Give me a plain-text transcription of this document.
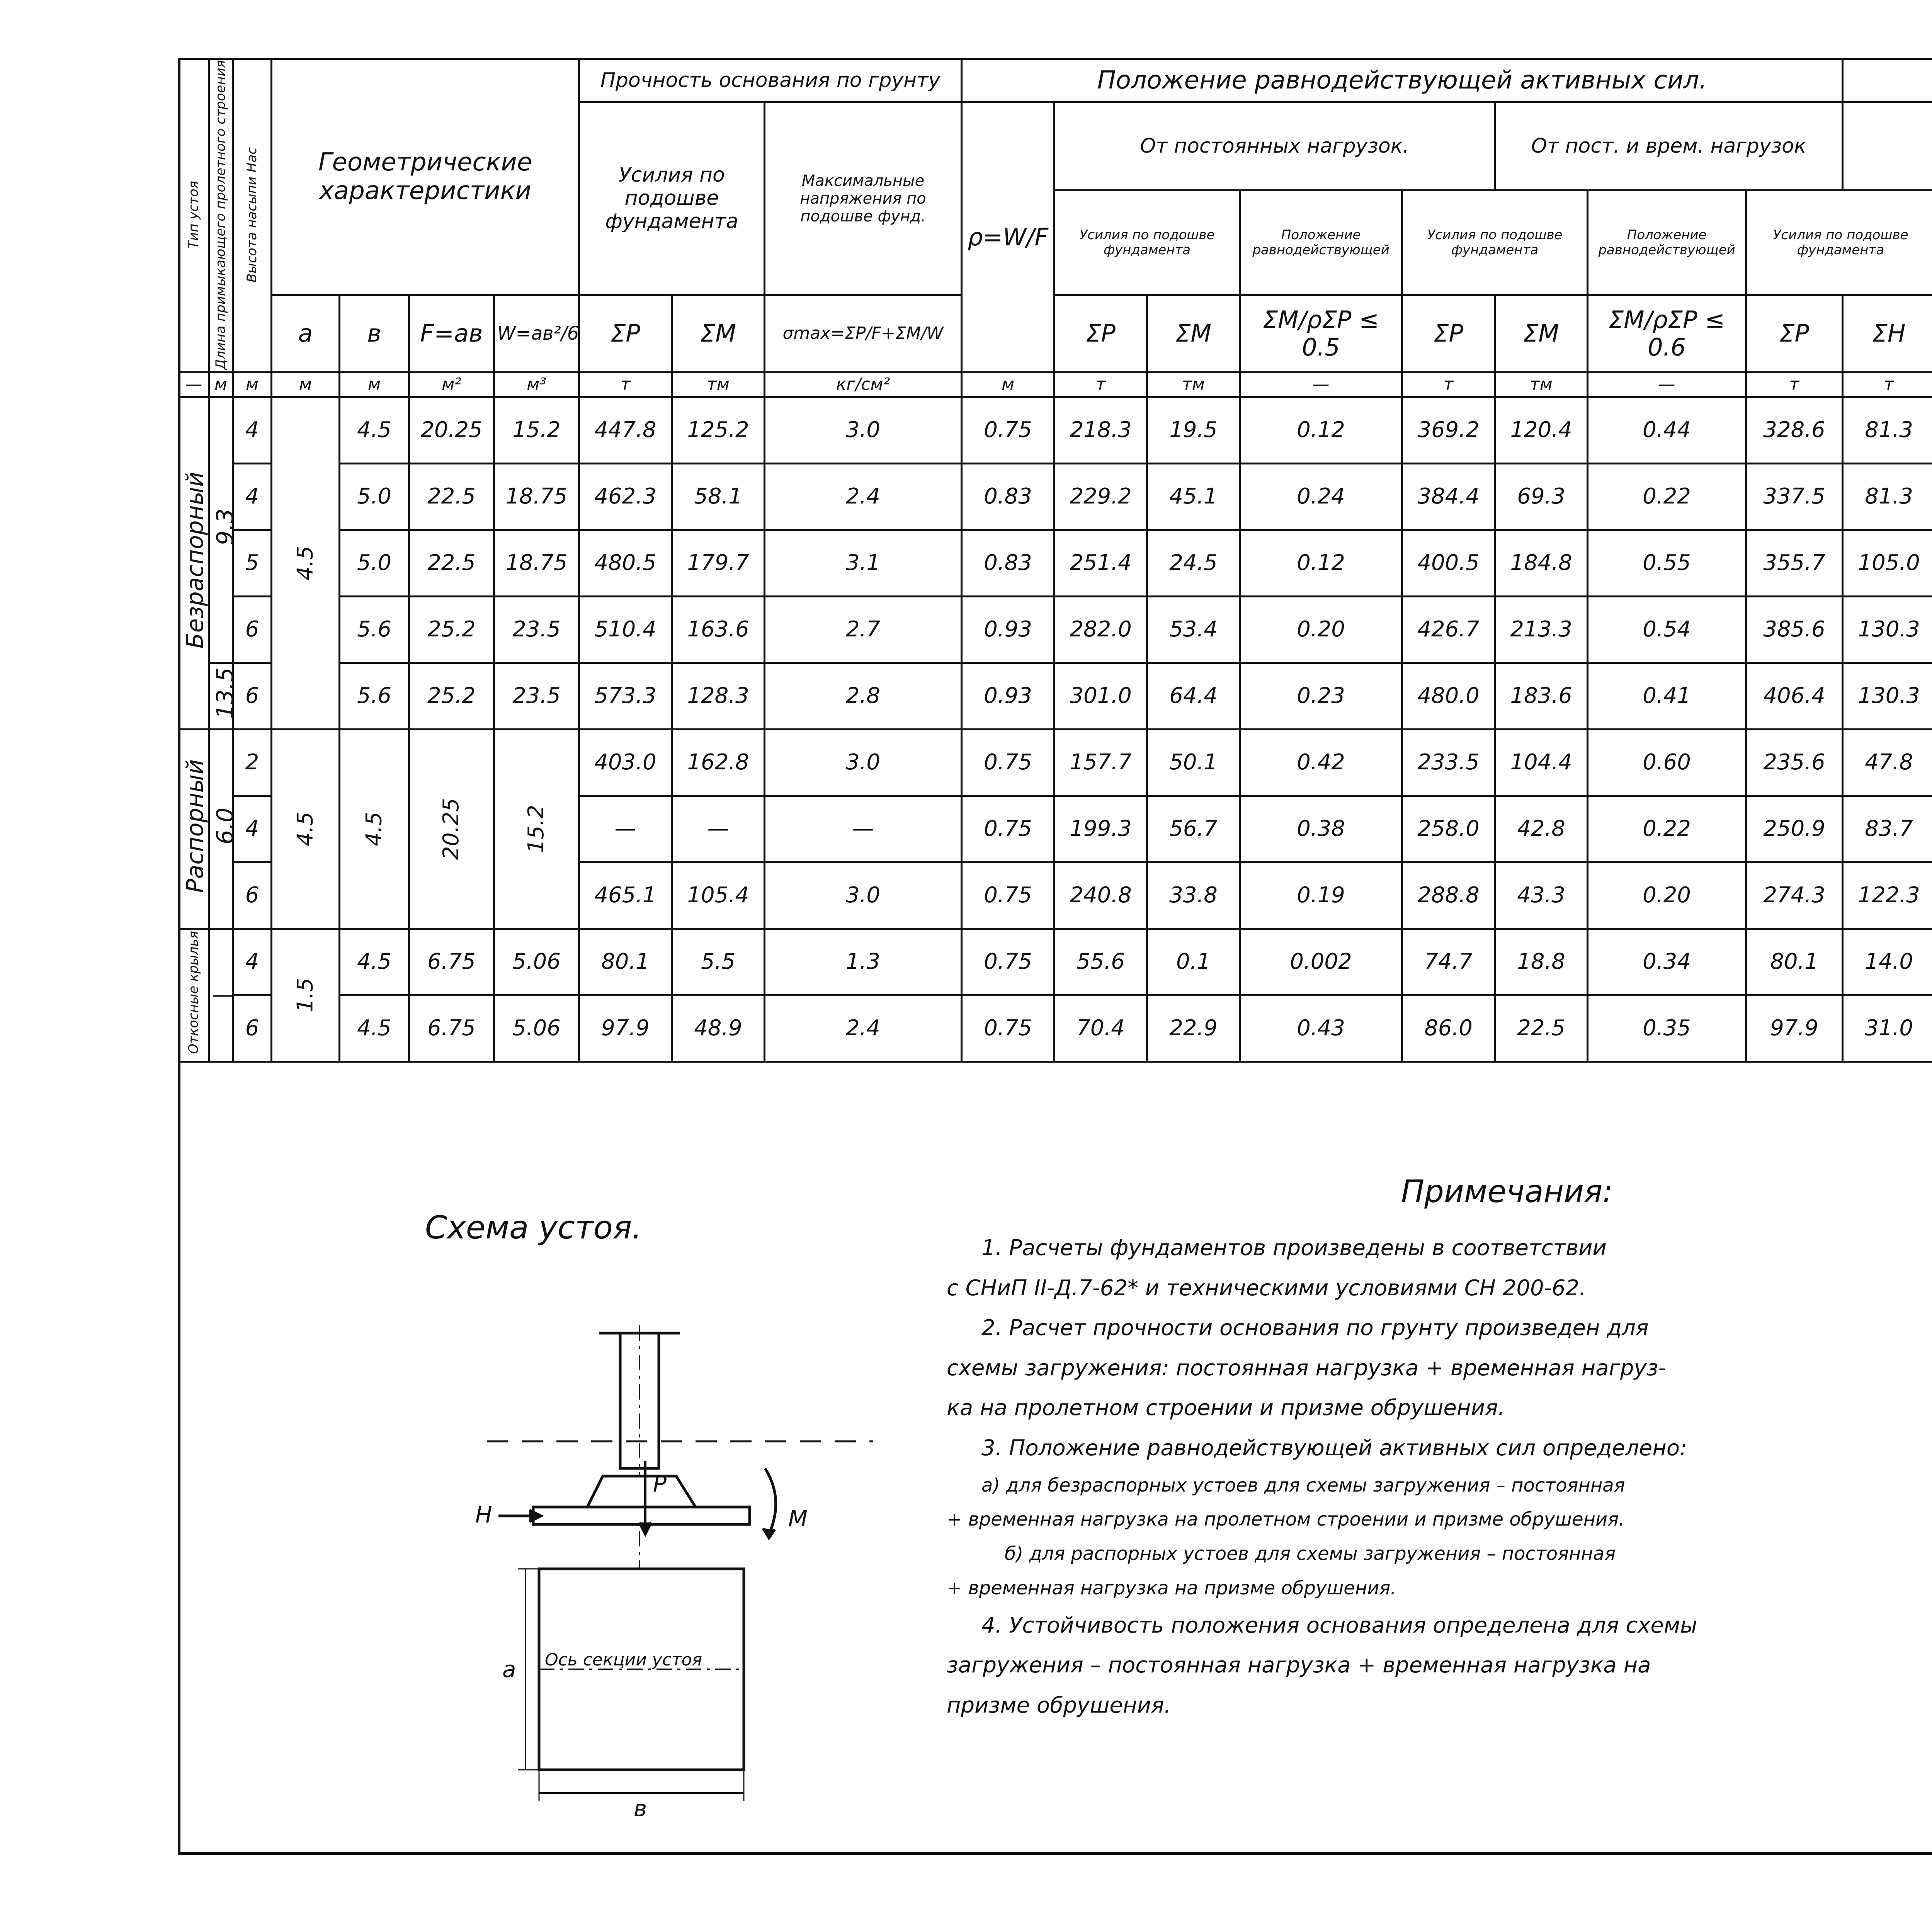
Тип устоя	Длина примыкающего пролетного строения	Высота насыпи Нас	Геометрические характеристики				Прочность основания по грунту			Положение равнодействующей активных сил.	
							Усилия по подошве фундамента		Максимальные напряжения по подошве фунд.	ρ=W/F	От постоянных нагрузок.				От пост. и врем. нагрузок		
											Усилия по подошве фундамента		Положение равнодействующей	Усилия по подошве фундамента		Положение равнодействующей	Усилия по подошве фундамента				
			a	в	F=aв	W=aв²/6	ΣP	ΣM	σmax=ΣP/F+ΣM/W		ΣP	ΣM	ΣM/ρΣP ≤ 0.5	ΣP	ΣM	ΣM/ρΣP ≤ 0.6	ΣP	ΣH			
—	м	м	м	м	м²	м³	т	тм	кг/см²	м	т	тм	—	т	тм	—	т	т					
Безраспорный	9.3	4	4.5	4.5	20.25	15.2	447.8	125.2	3.0	0.75	218.3	19.5	0.12	369.2	120.4	0.44	328.6	81.3					
		4		5.0	22.5	18.75	462.3	58.1	2.4	0.83	229.2	45.1	0.24	384.4	69.3	0.22	337.5	81.3					
		5		5.0	22.5	18.75	480.5	179.7	3.1	0.83	251.4	24.5	0.12	400.5	184.8	0.55	355.7	105.0					
		6		5.6	25.2	23.5	510.4	163.6	2.7	0.93	282.0	53.4	0.20	426.7	213.3	0.54	385.6	130.3					
	13.5	6		5.6	25.2	23.5	573.3	128.3	2.8	0.93	301.0	64.4	0.23	480.0	183.6	0.41	406.4	130.3					
Распорный	6.0	2	4.5	4.5	20.25	15.2	403.0	162.8	3.0	0.75	157.7	50.1	0.42	233.5	104.4	0.60	235.6	47.8					
		4					—	—	—	0.75	199.3	56.7	0.38	258.0	42.8	0.22	250.9	83.7					
		6					465.1	105.4	3.0	0.75	240.8	33.8	0.19	288.8	43.3	0.20	274.3	122.3					
Откосные крылья	—	4	1.5	4.5	6.75	5.06	80.1	5.5	1.3	0.75	55.6	0.1	0.002	74.7	18.8	0.34	80.1	14.0					
		6		4.5	6.75	5.06	97.9	48.9	2.4	0.75	70.4	22.9	0.43	86.0	22.5	0.35	97.9	31.0					
Примечания:

1. Расчеты фундаментов произведены в соответствии

с СНиП II-Д.7-62* и техническими условиями СН 200-62.

2. Расчет прочности основания по грунту произведен для

схемы загружения: постоянная нагрузка + временная нагруз-

ка на пролетном строении и призме обрушения.

3. Положение равнодействующей активных сил определено:

а) для безраспорных устоев для схемы загружения – постоянная

+ временная нагрузка на пролетном строении и призме обрушения.

б) для распорных устоев для схемы загружения – постоянная

+ временная нагрузка на призме обрушения.

4. Устойчивость положения основания определена для схемы

загружения – постоянная нагрузка + временная нагрузка на

призме обрушения.

Схема устоя.
H
P
M
a
в
Ось секции устоя
